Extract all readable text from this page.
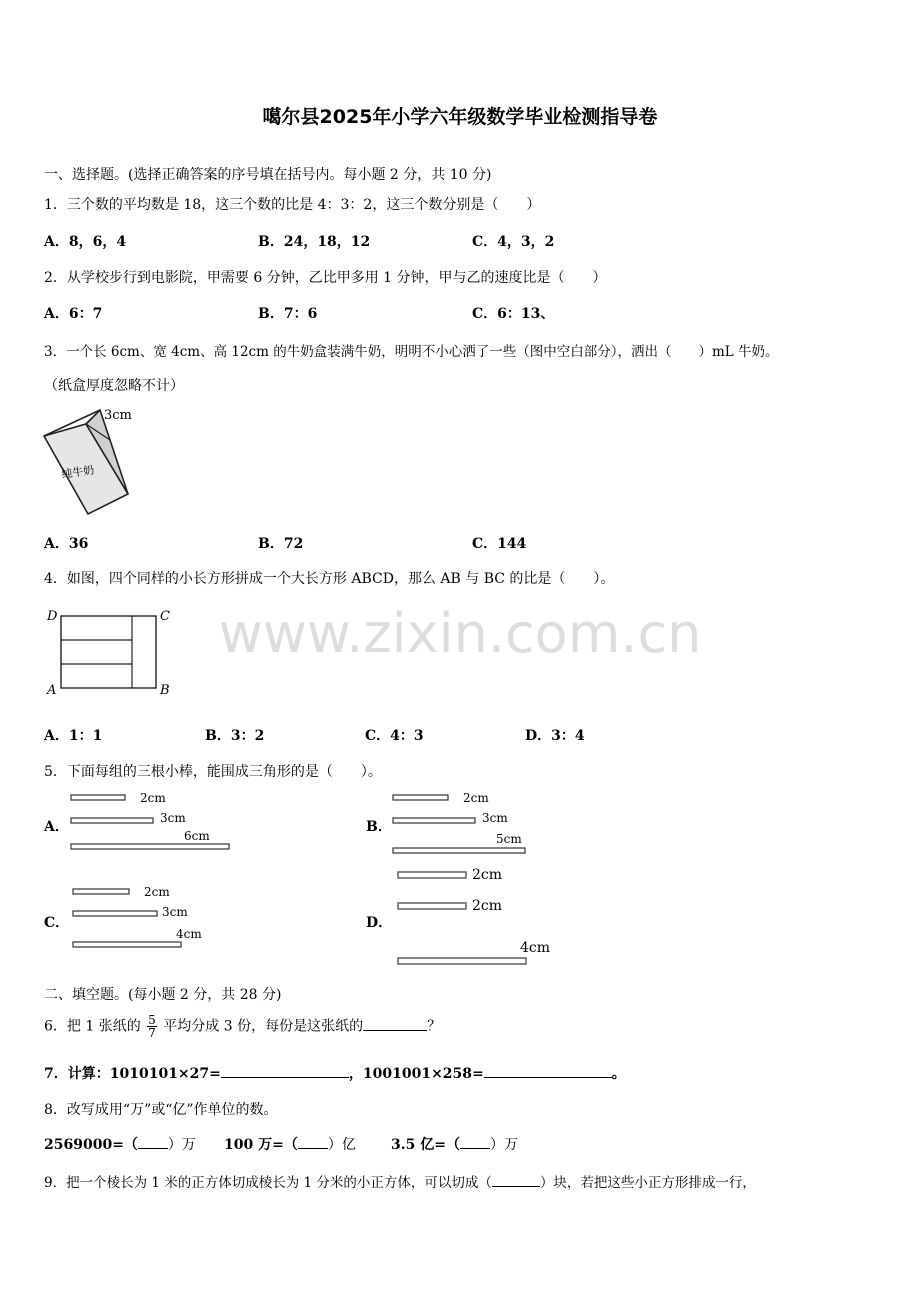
噶尔县2025年小学六年级数学毕业检测指导卷
www.zixin.com.cn
一、选择题。(选择正确答案的序号填在括号内。每小题 2 分，共 10 分)
1．三个数的平均数是 18，这三个数的比是 4：3：2，这三个数分别是（　　）
A．8，6，4	B．24，18，12	C．4，3，2
2．从学校步行到电影院，甲需要 6 分钟，乙比甲多用 1 分钟，甲与乙的速度比是（　　）
A．6：7	B．7：6	C．6：13、
3．一个长 6cm、宽 4cm、高 12cm 的牛奶盒装满牛奶，明明不小心洒了一些（图中空白部分），洒出（　　）mL 牛奶。
（纸盒厚度忽略不计）
纯牛奶
3cm
A．36	B．72	C．144
4．如图，四个同样的小长方形拼成一个大长方形 ABCD，那么 AB 与 BC 的比是（　　）。
D	C
A	B
A．1：1	B．3：2	C．4：3	D．3：4
5．下面每组的三根小棒，能围成三角形的是（　　）。
A．
2cm
3cm
6cm
B．
2cm
3cm
5cm
C．
2cm
3cm
4cm
D．
2cm
2cm
4cm
二、填空题。(每小题 2 分，共 28 分)
6．把 1 张纸的 $\frac{5}{7}$ 平均分成 3 份，每份是这张纸的	？
7．计算：1010101×27=	，1001001×258=	。
8．改写成用“万”或“亿”作单位的数。
2569000=（ ）万 100 万=（ ）亿	3.5 亿=（ ）万
9．把一个棱长为 1 米的正方体切成棱长为 1 分米的小正方体，可以切成（	）块，若把这些小正方形排成一行，
